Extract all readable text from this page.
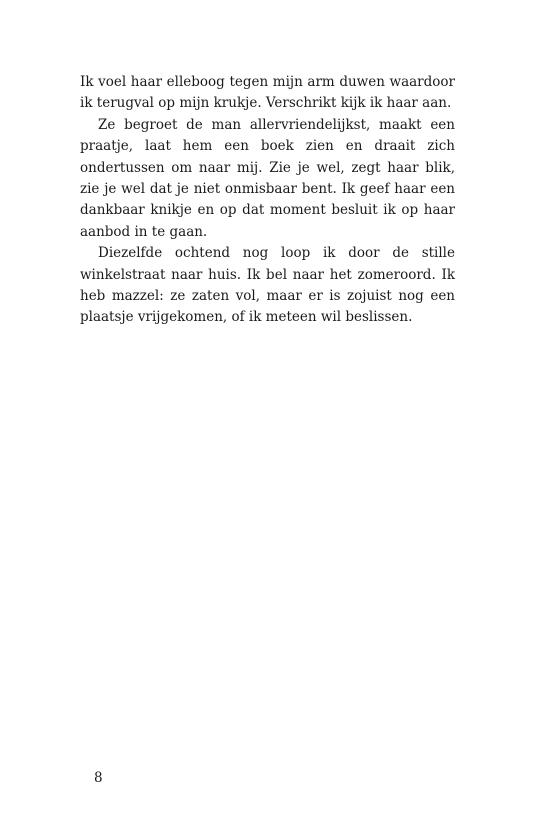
Ik voel haar elleboog tegen mijn arm duwen waardoor ik terugval op mijn krukje. Verschrikt kijk ik haar aan.

Ze begroet de man allervriendelijkst, maakt een praatje, laat hem een boek zien en draait zich ondertussen om naar mij. Zie je wel, zegt haar blik, zie je wel dat je niet onmisbaar bent. Ik geef haar een dankbaar knikje en op dat moment besluit ik op haar aanbod in te gaan.

Diezelfde ochtend nog loop ik door de stille winkelstraat naar huis. Ik bel naar het zomeroord. Ik heb mazzel: ze zaten vol, maar er is zojuist nog een plaatsje vrijgekomen, of ik meteen wil beslissen.

8
